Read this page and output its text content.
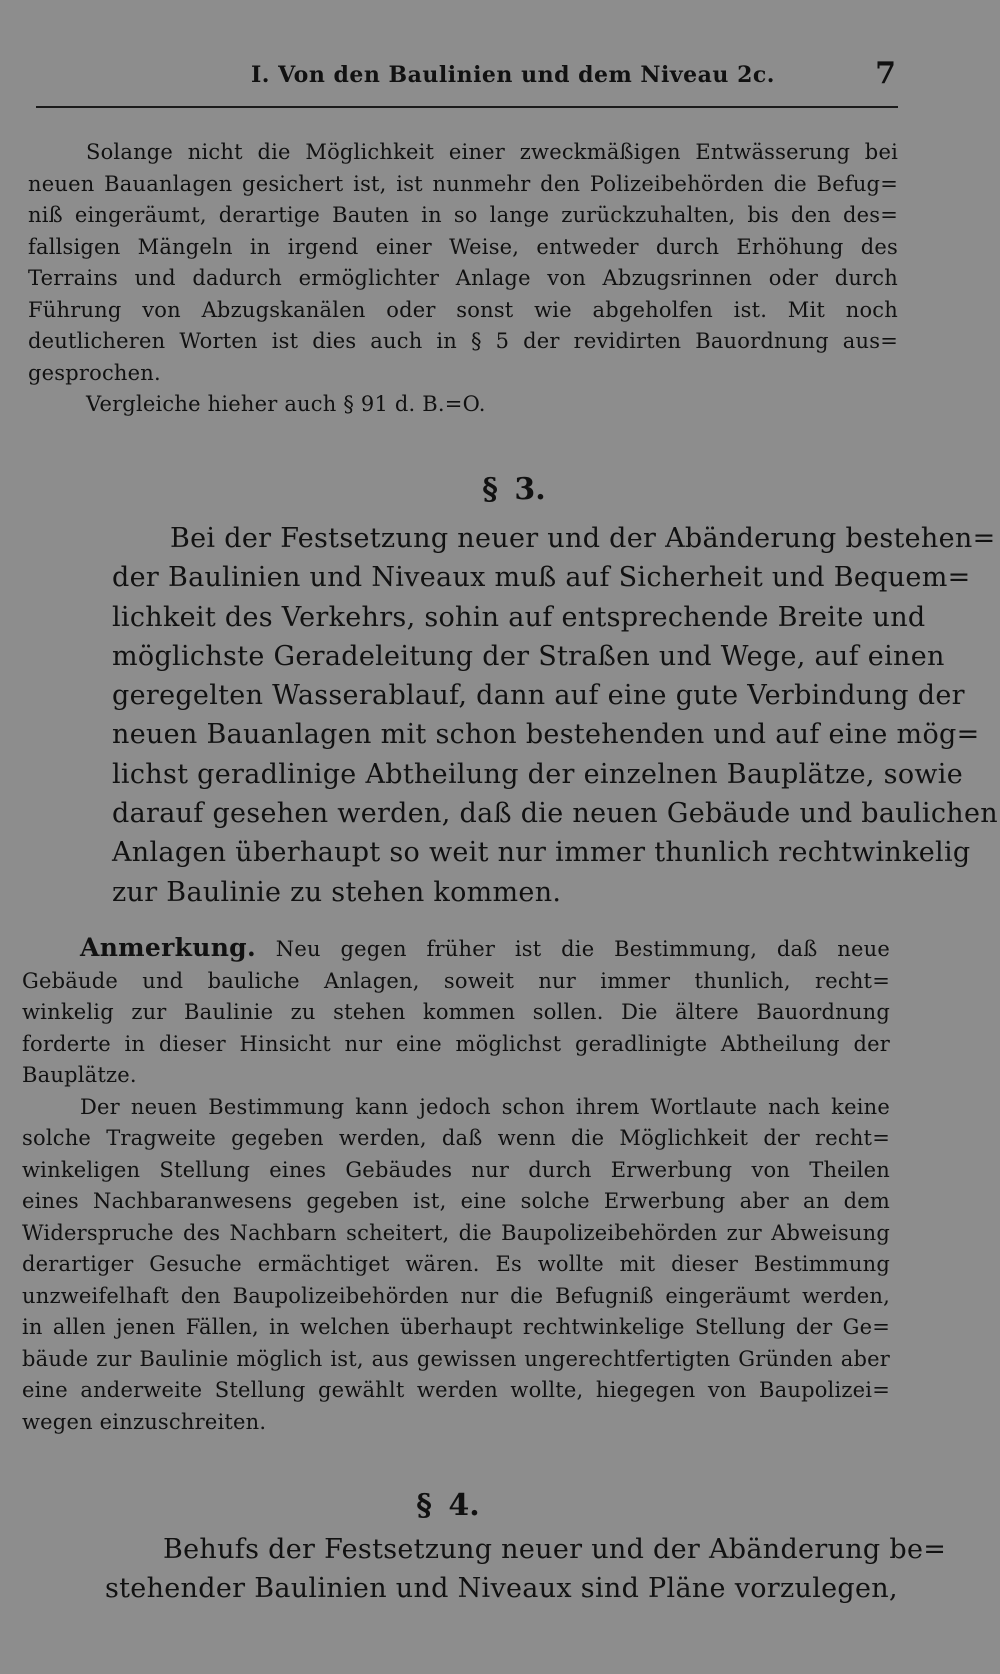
I. Von den Baulinien und dem Niveau 2c.	7
Solange nicht die Möglichkeit einer zweckmäßigen Entwässerung bei
neuen Bauanlagen gesichert ist, ist nunmehr den Polizeibehörden die Befug=
niß eingeräumt, derartige Bauten in so lange zurückzuhalten, bis den des=
fallsigen Mängeln in irgend einer Weise, entweder durch Erhöhung des
Terrains und dadurch ermöglichter Anlage von Abzugsrinnen oder durch
Führung von Abzugskanälen oder sonst wie abgeholfen ist. Mit noch
deutlicheren Worten ist dies auch in § 5 der revidirten Bauordnung aus=
gesprochen.
Vergleiche hieher auch § 91 d. B.=O.
§ 3.
Bei der Festsetzung neuer und der Abänderung bestehen=
der Baulinien und Niveaux muß auf Sicherheit und Bequem=
lichkeit des Verkehrs, sohin auf entsprechende Breite und
möglichste Geradeleitung der Straßen und Wege, auf einen
geregelten Wasserablauf, dann auf eine gute Verbindung der
neuen Bauanlagen mit schon bestehenden und auf eine mög=
lichst geradlinige Abtheilung der einzelnen Bauplätze, sowie
darauf gesehen werden, daß die neuen Gebäude und baulichen
Anlagen überhaupt so weit nur immer thunlich rechtwinkelig
zur Baulinie zu stehen kommen.
Anmerkung. Neu gegen früher ist die Bestimmung, daß neue
Gebäude und bauliche Anlagen, soweit nur immer thunlich, recht=
winkelig zur Baulinie zu stehen kommen sollen. Die ältere Bauordnung
forderte in dieser Hinsicht nur eine möglichst geradlinigte Abtheilung der
Bauplätze.
Der neuen Bestimmung kann jedoch schon ihrem Wortlaute nach keine
solche Tragweite gegeben werden, daß wenn die Möglichkeit der recht=
winkeligen Stellung eines Gebäudes nur durch Erwerbung von Theilen
eines Nachbaranwesens gegeben ist, eine solche Erwerbung aber an dem
Widerspruche des Nachbarn scheitert, die Baupolizeibehörden zur Abweisung
derartiger Gesuche ermächtiget wären. Es wollte mit dieser Bestimmung
unzweifelhaft den Baupolizeibehörden nur die Befugniß eingeräumt werden,
in allen jenen Fällen, in welchen überhaupt rechtwinkelige Stellung der Ge=
bäude zur Baulinie möglich ist, aus gewissen ungerechtfertigten Gründen aber
eine anderweite Stellung gewählt werden wollte, hiegegen von Baupolizei=
wegen einzuschreiten.
§ 4.
Behufs der Festsetzung neuer und der Abänderung be=
stehender Baulinien und Niveaux sind Pläne vorzulegen,
